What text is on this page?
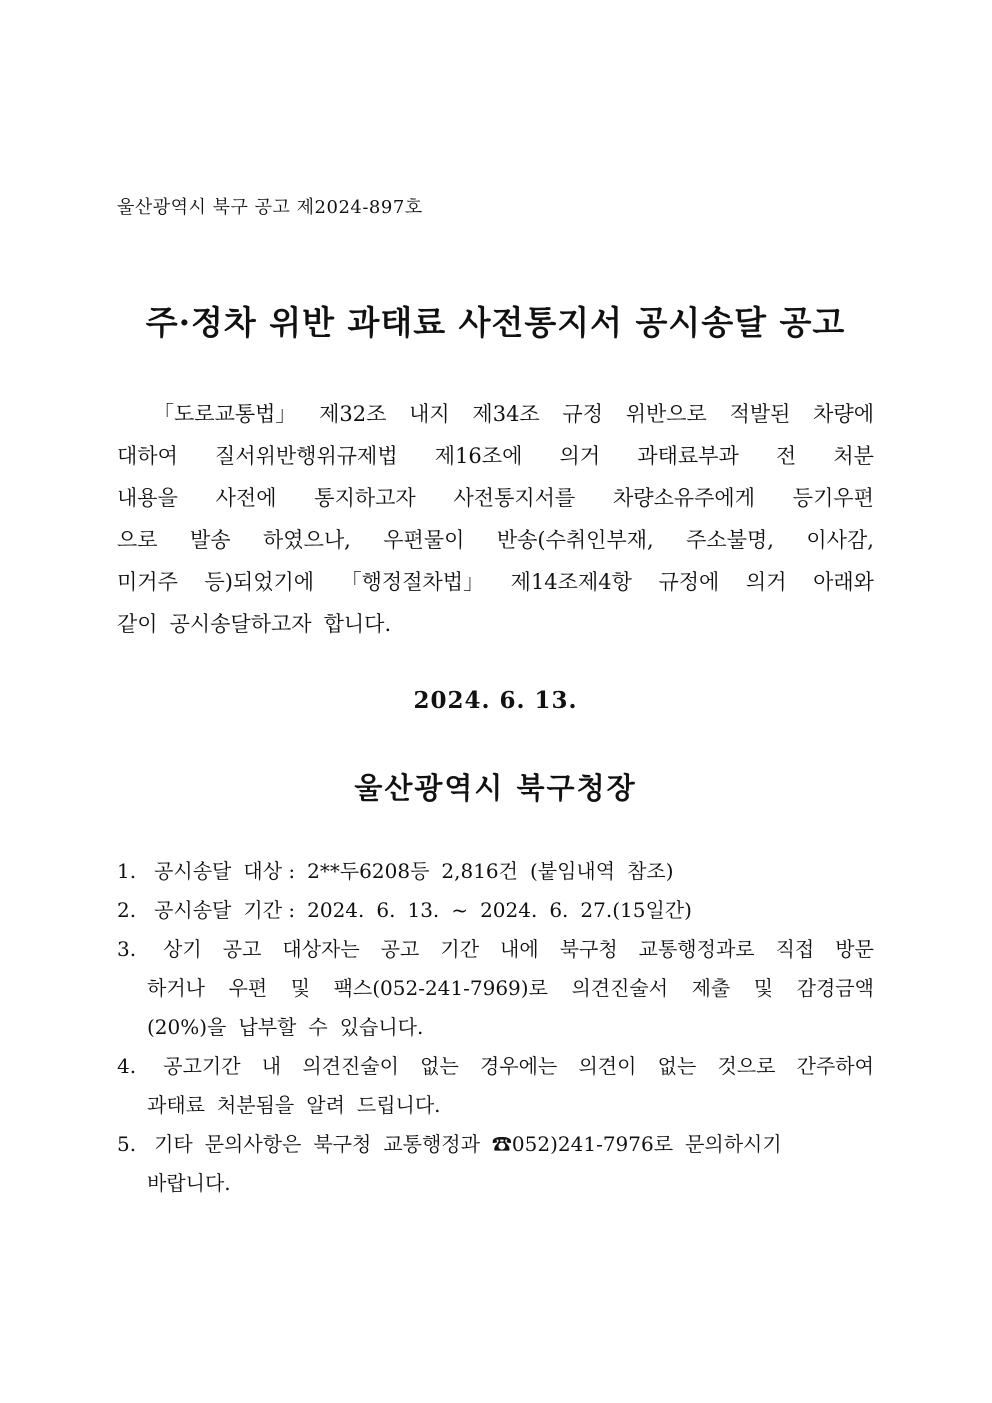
울산광역시 북구 공고 제2024-897호
주·정차 위반 과태료 사전통지서 공시송달 공고
「도로교통법」 제32조 내지 제34조 규정 위반으로 적발된 차량에
대하여 질서위반행위규제법 제16조에 의거 과태료부과 전 처분
내용을 사전에 통지하고자 사전통지서를 차량소유주에게 등기우편
으로 발송 하였으나, 우편물이 반송(수취인부재, 주소불명, 이사감,
미거주 등)되었기에 「행정절차법」 제14조제4항 규정에 의거 아래와
같이 공시송달하고자 합니다.
2024. 6. 13.
울산광역시 북구청장
1. 공시송달 대상 : 2**두6208등 2,816건 (붙임내역 참조)
2. 공시송달 기간 : 2024. 6. 13. ~ 2024. 6. 27.(15일간)
3. 상기 공고 대상자는 공고 기간 내에 북구청 교통행정과로 직접 방문
하거나 우편 및 팩스(052-241-7969)로 의견진술서 제출 및 감경금액
(20%)을 납부할 수 있습니다.
4. 공고기간 내 의견진술이 없는 경우에는 의견이 없는 것으로 간주하여
과태료 처분됨을 알려 드립니다.
5. 기타 문의사항은 북구청 교통행정과 ☎052)241-7976로 문의하시기
바랍니다.
